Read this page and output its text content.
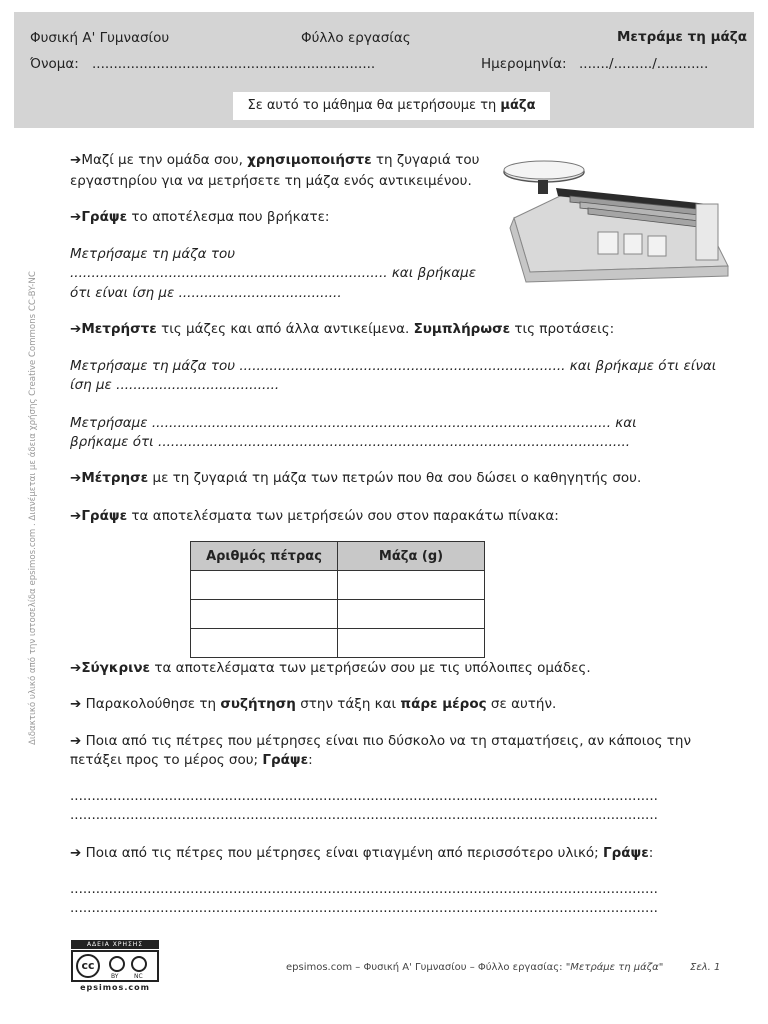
Φυσική Α' Γυμνασίου	Φύλλο εργασίας	Μετράμε τη μάζα
Όνομα: ..................................................................	Ημερομηνία: ......./........./............
Σε αυτό το μάθημα θα μετρήσουμε τη μάζα
Διδακτικό υλικό από την ιστοσελίδα epsimos.com . Διανέμεται με άδεια χρήσης Creative Commons CC-BY-NC
➔Μαζί με την ομάδα σου, χρησιμοποιήστε τη ζυγαριά του
εργαστηρίου για να μετρήσετε τη μάζα ενός αντικειμένου.
➔Γράψε το αποτέλεσμα που βρήκατε:
Μετρήσαμε τη μάζα του
.......................................................................... και βρήκαμε
ότι είναι ίση με ......................................
➔Μετρήστε τις μάζες και από άλλα αντικείμενα. Συμπλήρωσε τις προτάσεις:
Μετρήσαμε τη μάζα του ............................................................................ και βρήκαμε ότι είναι
ίση με ......................................
Μετρήσαμε ........................................................................................................... και
βρήκαμε ότι ..............................................................................................................
➔Μέτρησε με τη ζυγαριά τη μάζα των πετρών που θα σου δώσει ο καθηγητής σου.
➔Γράψε τα αποτελέσματα των μετρήσεών σου στον παρακάτω πίνακα:
Αριθμός πέτρας	Μάζα (g)

➔Σύγκρινε τα αποτελέσματα των μετρήσεών σου με τις υπόλοιπες ομάδες.
➔ Παρακολούθησε τη συζήτηση στην τάξη και πάρε μέρος σε αυτήν.
➔ Ποια από τις πέτρες που μέτρησες είναι πιο δύσκολο να τη σταματήσεις, αν κάποιος την
πετάξει προς το μέρος σου; Γράψε:
.........................................................................................................................................
.........................................................................................................................................
➔ Ποια από τις πέτρες που μέτρησες είναι φτιαγμένη από περισσότερο υλικό; Γράψε:
.........................................................................................................................................
.........................................................................................................................................
ΑΔΕΙΑ ΧΡΗΣΗΣ
cc
BY	NC
epsimos.com
epsimos.com – Φυσική Α' Γυμνασίου – Φύλλο εργασίας: "Μετράμε τη μάζα"	Σελ. 1
